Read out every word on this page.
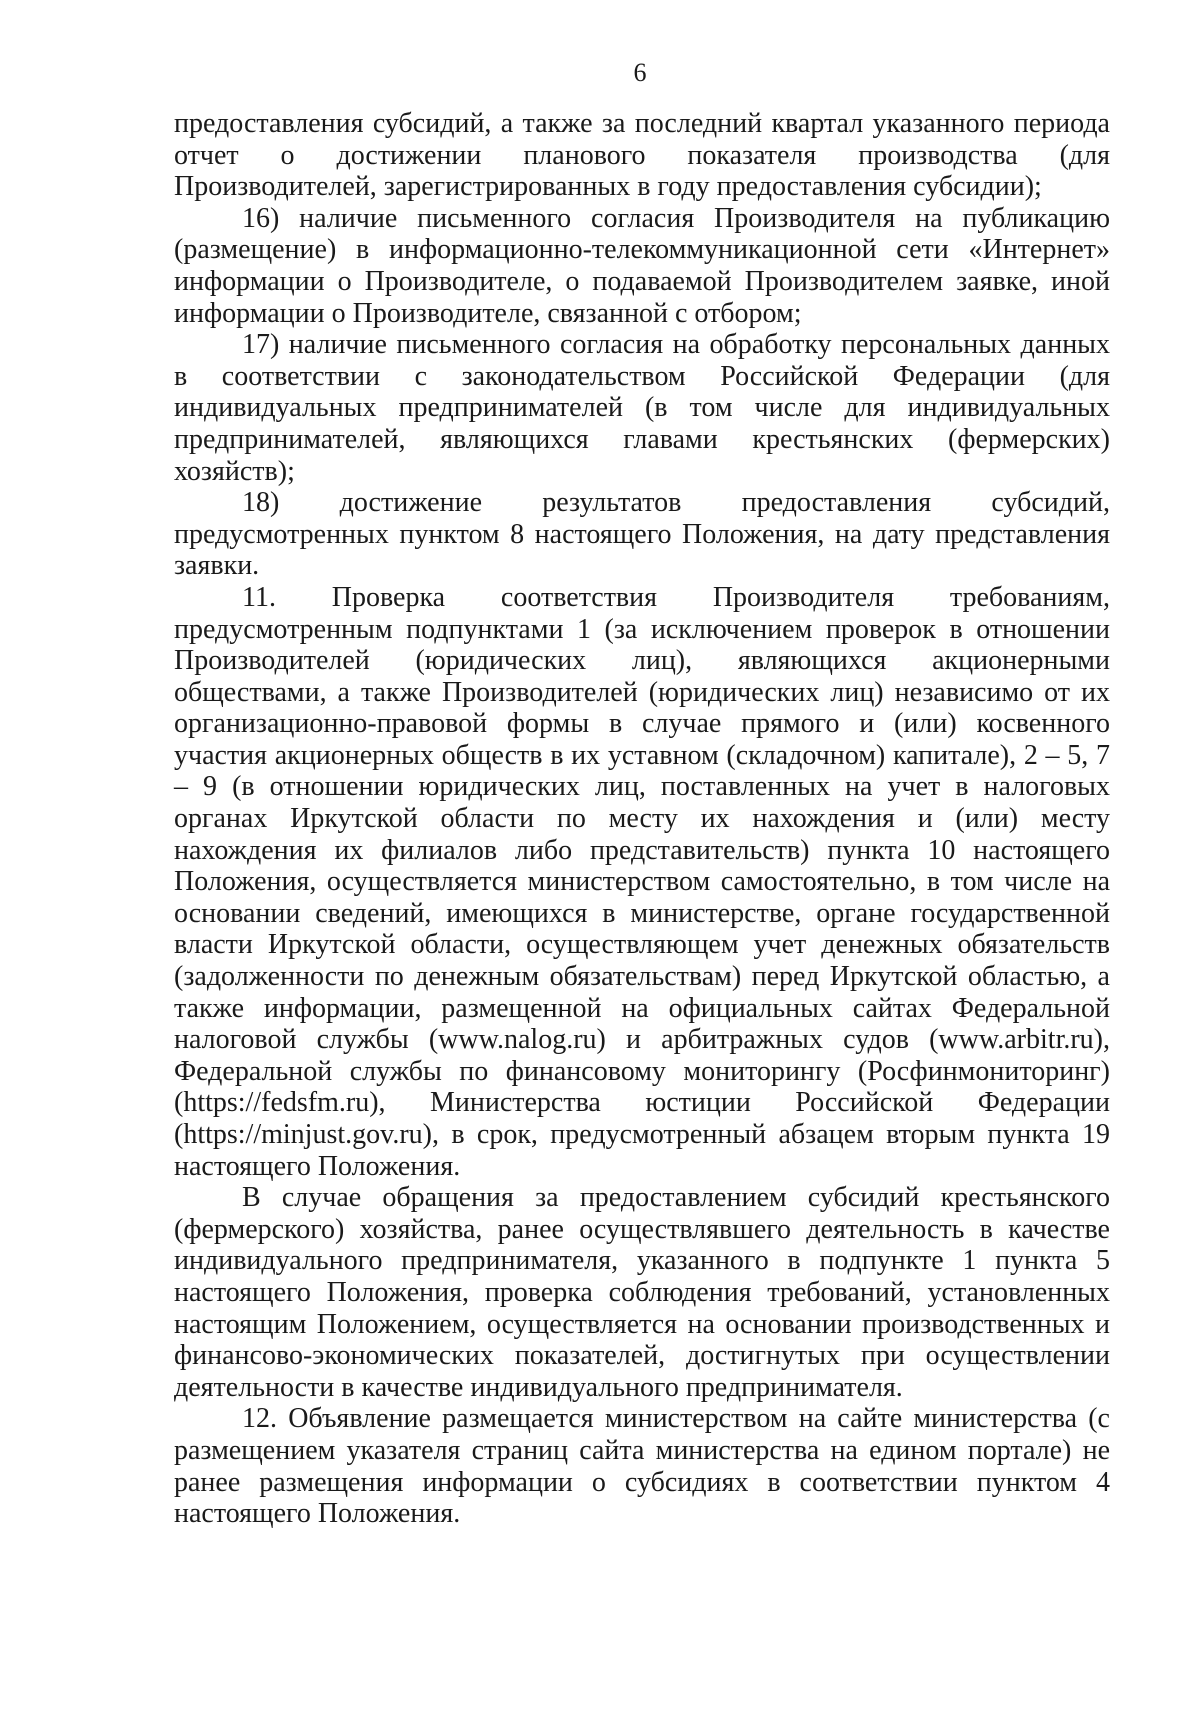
6

предоставления субсидий, а также за последний квартал указанного периода отчет о достижении планового показателя производства (для Производителей, зарегистрированных в году предоставления субсидии);

16) наличие письменного согласия Производителя на публикацию (размещение) в информационно-телекоммуникационной сети «Интернет» информации о Производителе, о подаваемой Производителем заявке, иной информации о Производителе, связанной с отбором;

17) наличие письменного согласия на обработку персональных данных в соответствии с законодательством Российской Федерации (для индивидуальных предпринимателей (в том числе для индивидуальных предпринимателей, являющихся главами крестьянских (фермерских) хозяйств);

18) достижение результатов предоставления субсидий, предусмотренных пунктом 8 настоящего Положения, на дату представления заявки.

11. Проверка соответствия Производителя требованиям, предусмотренным подпунктами 1 (за исключением проверок в отношении Производителей (юридических лиц), являющихся акционерными обществами, а также Производителей (юридических лиц) независимо от их организационно-правовой формы в случае прямого и (или) косвенного участия акционерных обществ в их уставном (складочном) капитале), 2 – 5, 7 – 9 (в отношении юридических лиц, поставленных на учет в налоговых органах Иркутской области по месту их нахождения и (или) месту нахождения их филиалов либо представительств) пункта 10 настоящего Положения, осуществляется министерством самостоятельно, в том числе на основании сведений, имеющихся в министерстве, органе государственной власти Иркутской области, осуществляющем учет денежных обязательств (задолженности по денежным обязательствам) перед Иркутской областью, а также информации, размещенной на официальных сайтах Федеральной налоговой службы (www.nalog.ru) и арбитражных судов (www.arbitr.ru), Федеральной службы по финансовому мониторингу (Росфинмониторинг) (https://fedsfm.ru), Министерства юстиции Российской Федерации (https://minjust.gov.ru), в срок, предусмотренный абзацем вторым пункта 19 настоящего Положения.

В случае обращения за предоставлением субсидий крестьянского (фермерского) хозяйства, ранее осуществлявшего деятельность в качестве индивидуального предпринимателя, указанного в подпункте 1 пункта 5 настоящего Положения, проверка соблюдения требований, установленных настоящим Положением, осуществляется на основании производственных и финансово-экономических показателей, достигнутых при осуществлении деятельности в качестве индивидуального предпринимателя.

12. Объявление размещается министерством на сайте министерства (с размещением указателя страниц сайта министерства на едином портале) не ранее размещения информации о субсидиях в соответствии пунктом 4 настоящего Положения.
